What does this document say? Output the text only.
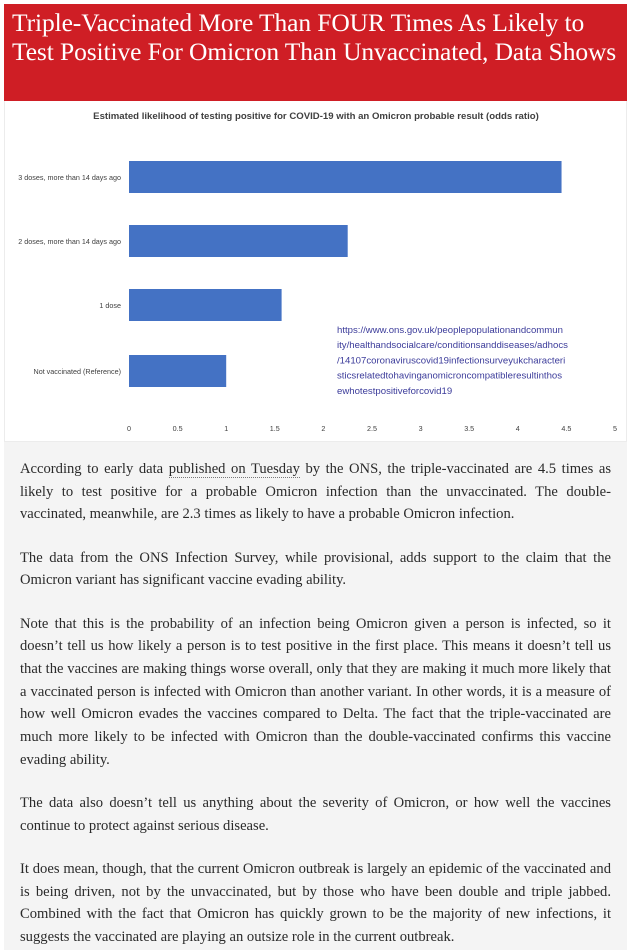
Triple-Vaccinated More Than FOUR Times As Likely to Test Positive For Omicron Than Unvaccinated, Data Shows
Estimated likelihood of testing positive for COVID-19 with an Omicron probable result (odds ratio)
3 doses, more than 14 days ago
2 doses, more than 14 days ago
1 dose
Not vaccinated (Reference)
0	0.5	1	1.5	2	2.5	3	3.5	4	4.5	5
https://www.ons.gov.uk/peoplepopulationandcommun
ity/healthandsocialcare/conditionsanddiseases/adhocs
/14107coronaviruscovid19infectionsurveyukcharacteri
sticsrelatedtohavinganomicroncompatibleresultinthos
ewhotestpositiveforcovid19

According to early data published on Tuesday by the ONS, the triple-vaccinated are 4.5 times as likely to test positive for a probable Omicron infection than the unvaccinated. The double-vaccinated, meanwhile, are 2.3 times as likely to have a probable Omicron infection.

The data from the ONS Infection Survey, while provisional, adds support to the claim that the Omicron variant has significant vaccine evading ability.

Note that this is the probability of an infection being Omicron given a person is infected, so it doesn’t tell us how likely a person is to test positive in the first place. This means it doesn’t tell us that the vaccines are making things worse overall, only that they are making it much more likely that a vaccinated person is infected with Omicron than another variant. In other words, it is a measure of how well Omicron evades the vaccines compared to Delta. The fact that the triple-vaccinated are much more likely to be infected with Omicron than the double-vaccinated confirms this vaccine evading ability.

The data also doesn’t tell us anything about the severity of Omicron, or how well the vaccines continue to protect against serious disease.

It does mean, though, that the current Omicron outbreak is largely an epidemic of the vaccinated and is being driven, not by the unvaccinated, but by those who have been double and triple jabbed. Combined with the fact that Omicron has quickly grown to be the majority of new infections, it suggests the vaccinated are playing an outsize role in the current outbreak.
